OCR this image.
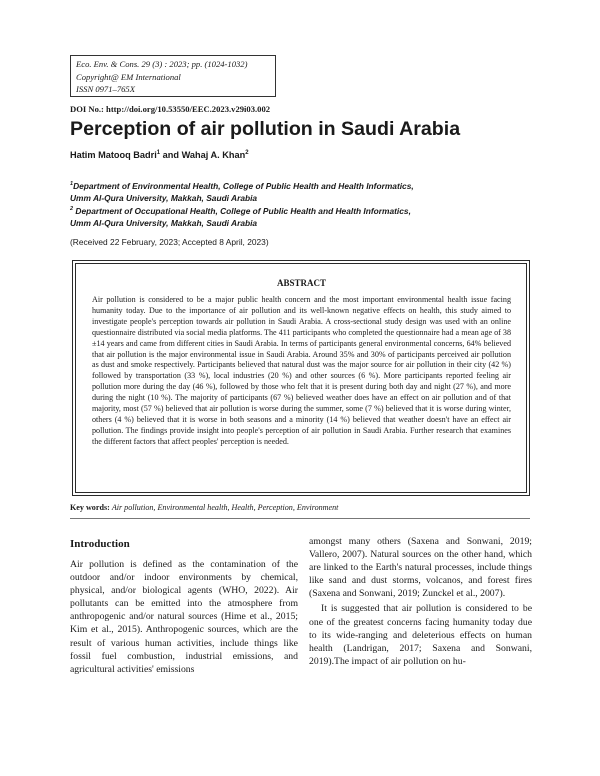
Eco. Env. & Cons. 29 (3) : 2023; pp. (1024-1032)
Copyright@ EM International
ISSN 0971–765X
DOI No.: http://doi.org/10.53550/EEC.2023.v29i03.002
Perception of air pollution in Saudi Arabia
Hatim Matooq Badri$^1$ and Wahaj A. Khan$^2$
$^1$Department of Environmental Health, College of Public Health and Health Informatics,
Umm Al-Qura University, Makkah, Saudi Arabia
$^2$ Department of Occupational Health, College of Public Health and Health Informatics,
Umm Al-Qura University, Makkah, Saudi Arabia
(Received 22 February, 2023; Accepted 8 April, 2023)
ABSTRACT

Air pollution is considered to be a major public health concern and the most important environmental health issue facing humanity today. Due to the importance of air pollution and its well-known negative effects on health, this study aimed to investigate people's perception towards air pollution in Saudi Arabia. A cross-sectional study design was used with an online questionnaire distributed via social media platforms. The 411 participants who completed the questionnaire had a mean age of 38 ±14 years and came from different cities in Saudi Arabia. In terms of participants general environmental concerns, 64% believed that air pollution is the major environmental issue in Saudi Arabia. Around 35% and 30% of participants perceived air pollution as dust and smoke respectively. Participants believed that natural dust was the major source for air pollution in their city (42 %) followed by transportation (33 %), local industries (20 %) and other sources (6 %). More participants reported feeling air pollution more during the day (46 %), followed by those who felt that it is present during both day and night (27 %), and more during the night (10 %). The majority of participants (67 %) believed weather does have an effect on air pollution and of that majority, most (57 %) believed that air pollution is worse during the summer, some (7 %) believed that it is worse during winter, others (4 %) believed that it is worse in both seasons and a minority (14 %) believed that weather doesn't have an effect air pollution. The findings provide insight into people's perception of air pollution in Saudi Arabia. Further research that examines the different factors that affect peoples' perception is needed.

Key words: Air pollution, Environmental health, Health, Perception, Environment
Introduction

Air pollution is defined as the contamination of the outdoor and/or indoor environments by chemical, physical, and/or biological agents (WHO, 2022). Air pollutants can be emitted into the atmosphere from anthropogenic and/or natural sources (Hime et al., 2015; Kim et al., 2015). Anthropogenic sources, which are the result of various human activities, include things like fossil fuel combustion, industrial emissions, and agricultural activities' emissions

amongst many others (Saxena and Sonwani, 2019; Vallero, 2007). Natural sources on the other hand, which are linked to the Earth's natural processes, include things like sand and dust storms, volcanos, and forest fires (Saxena and Sonwani, 2019; Zunckel et al., 2007).

It is suggested that air pollution is considered to be one of the greatest concerns facing humanity today due to its wide-ranging and deleterious effects on human health (Landrigan, 2017; Saxena and Sonwani, 2019).The impact of air pollution on hu-
